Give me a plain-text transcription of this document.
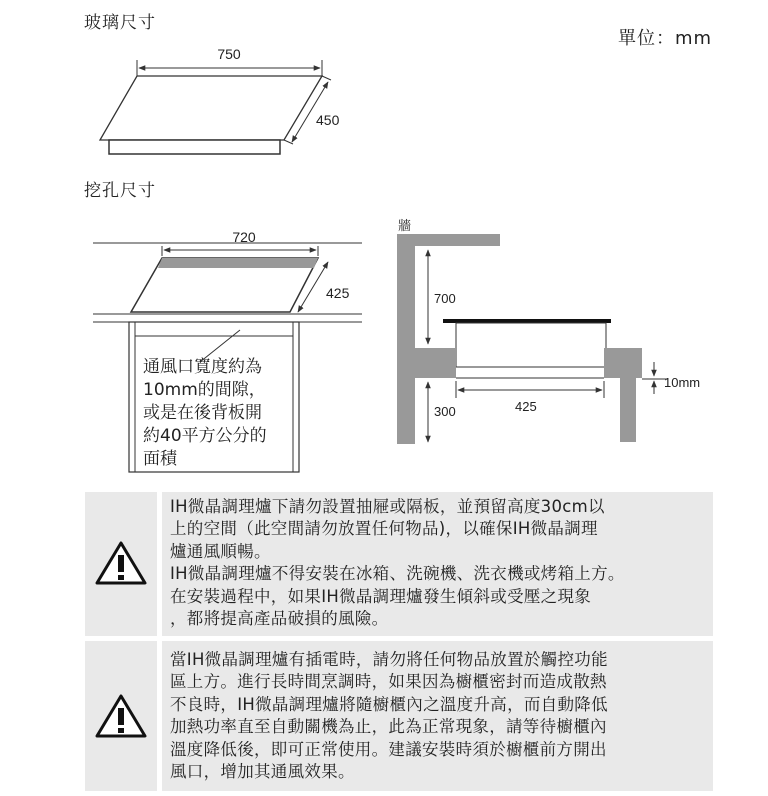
玻璃尺寸
單位：mm
挖孔尺寸
750
450
720
425
牆
700
425
10mm
300
通風口寬度約為
10mm的間隙，
或是在後背板開
約40平方公分的
面積

IH微晶調理爐下請勿設置抽屜或隔板，並預留高度30cm以

上的空間（此空間請勿放置任何物品)，以確保IH微晶調理

爐通風順暢。

IH微晶調理爐不得安裝在冰箱、洗碗機、洗衣機或烤箱上方。

在安裝過程中，如果IH微晶調理爐發生傾斜或受壓之現象

，都將提高產品破損的風險。

當IH微晶調理爐有插電時，請勿將任何物品放置於觸控功能

區上方。進行長時間烹調時，如果因為櫥櫃密封而造成散熱

不良時，IH微晶調理爐將隨櫥櫃內之溫度升高，而自動降低

加熱功率直至自動關機為止，此為正常現象，請等待櫥櫃內

溫度降低後，即可正常使用。建議安裝時須於櫥櫃前方開出

風口，增加其通風效果。
